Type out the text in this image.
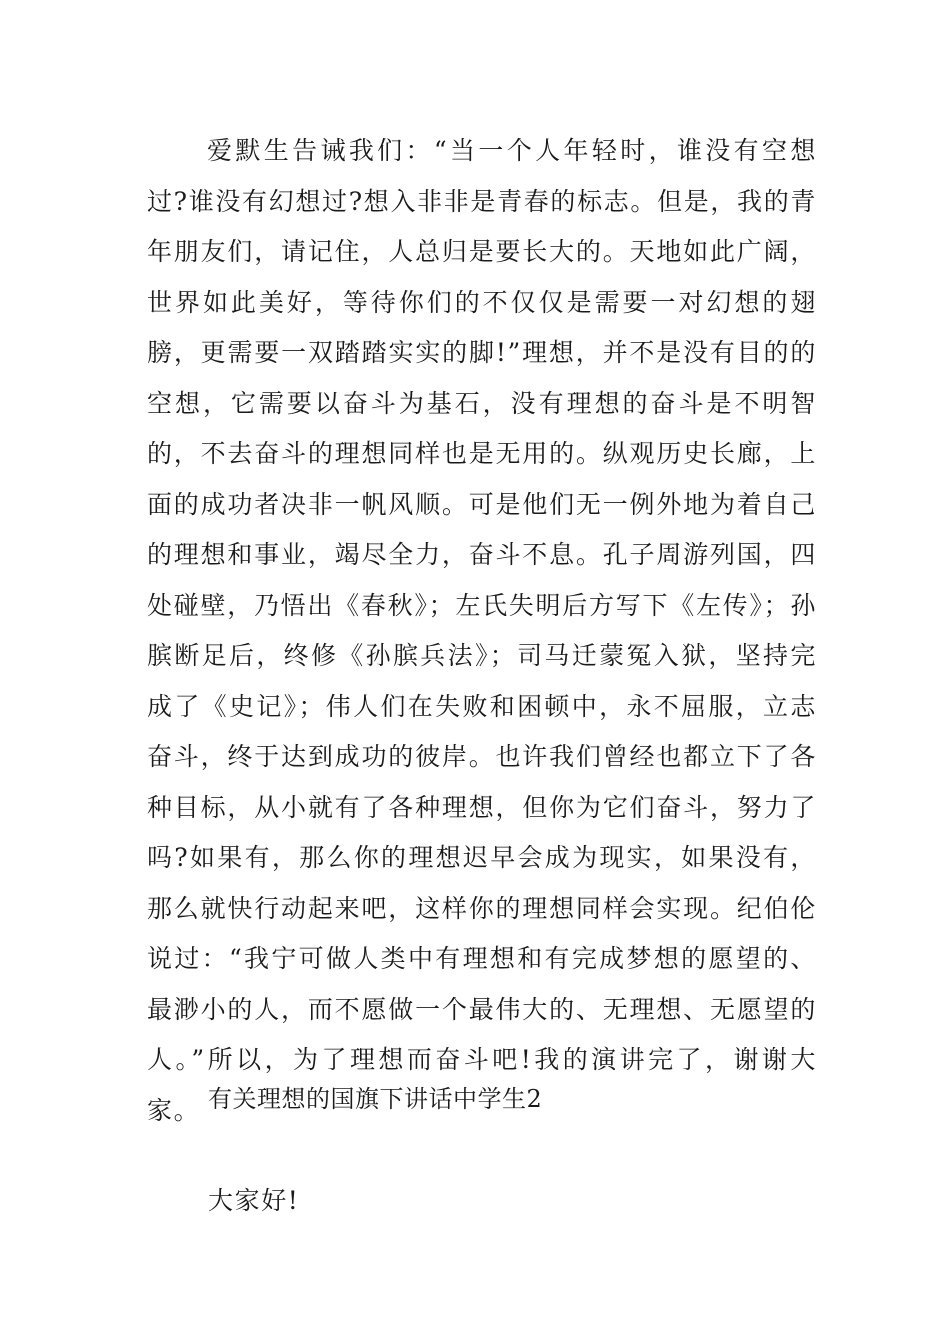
爱默生告诫我们：“当一个人年轻时，谁没有空想过?谁没有幻想过?想入非非是青春的标志。但是，我的青年朋友们，请记住，人总归是要长大的。天地如此广阔，世界如此美好，等待你们的不仅仅是需要一对幻想的翅膀，更需要一双踏踏实实的脚!”理想，并不是没有目的的空想，它需要以奋斗为基石，没有理想的奋斗是不明智的，不去奋斗的理想同样也是无用的。纵观历史长廊，上面的成功者决非一帆风顺。可是他们无一例外地为着自己的理想和事业，竭尽全力，奋斗不息。孔子周游列国，四处碰壁，乃悟出《春秋》；左氏失明后方写下《左传》；孙膑断足后，终修《孙膑兵法》；司马迁蒙冤入狱，坚持完成了《史记》；伟人们在失败和困顿中，永不屈服，立志奋斗，终于达到成功的彼岸。也许我们曾经也都立下了各种目标，从小就有了各种理想，但你为它们奋斗，努力了吗?如果有，那么你的理想迟早会成为现实，如果没有，那么就快行动起来吧，这样你的理想同样会实现。纪伯伦说过：“我宁可做人类中有理想和有完成梦想的愿望的、最渺小的人，而不愿做一个最伟大的、无理想、无愿望的人。”所以，为了理想而奋斗吧!我的演讲完了，谢谢大家。 有关理想的国旗下讲话中学生2

大家好!
